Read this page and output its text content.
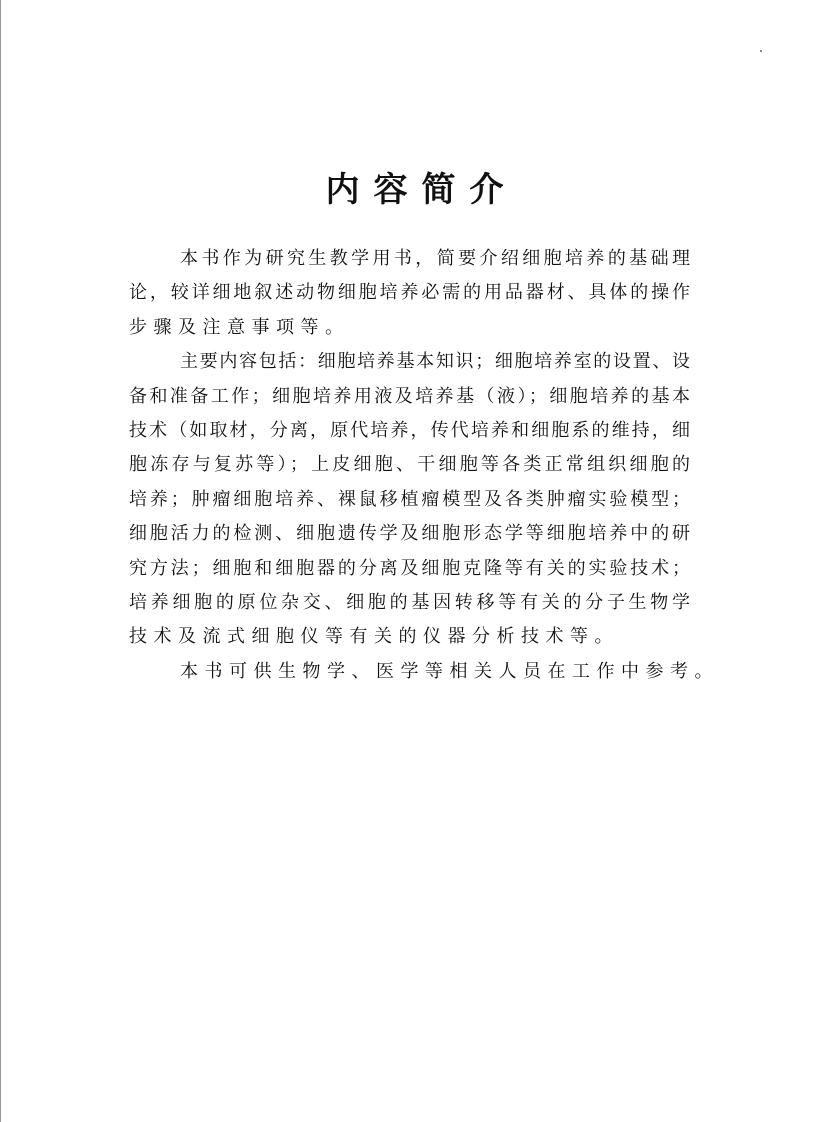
内容简介
本书作为研究生教学用书，简要介绍细胞培养的基础理
论，较详细地叙述动物细胞培养必需的用品器材、具体的操作
步骤及注意事项等。
主要内容包括：细胞培养基本知识；细胞培养室的设置、设
备和准备工作；细胞培养用液及培养基（液）；细胞培养的基本
技术（如取材，分离，原代培养，传代培养和细胞系的维持，细
胞冻存与复苏等）；上皮细胞、干细胞等各类正常组织细胞的
培养；肿瘤细胞培养、裸鼠移植瘤模型及各类肿瘤实验模型；
细胞活力的检测、细胞遗传学及细胞形态学等细胞培养中的研
究方法；细胞和细胞器的分离及细胞克隆等有关的实验技术；
培养细胞的原位杂交、细胞的基因转移等有关的分子生物学
技术及流式细胞仪等有关的仪器分析技术等。
本书可供生物学、医学等相关人员在工作中参考。
